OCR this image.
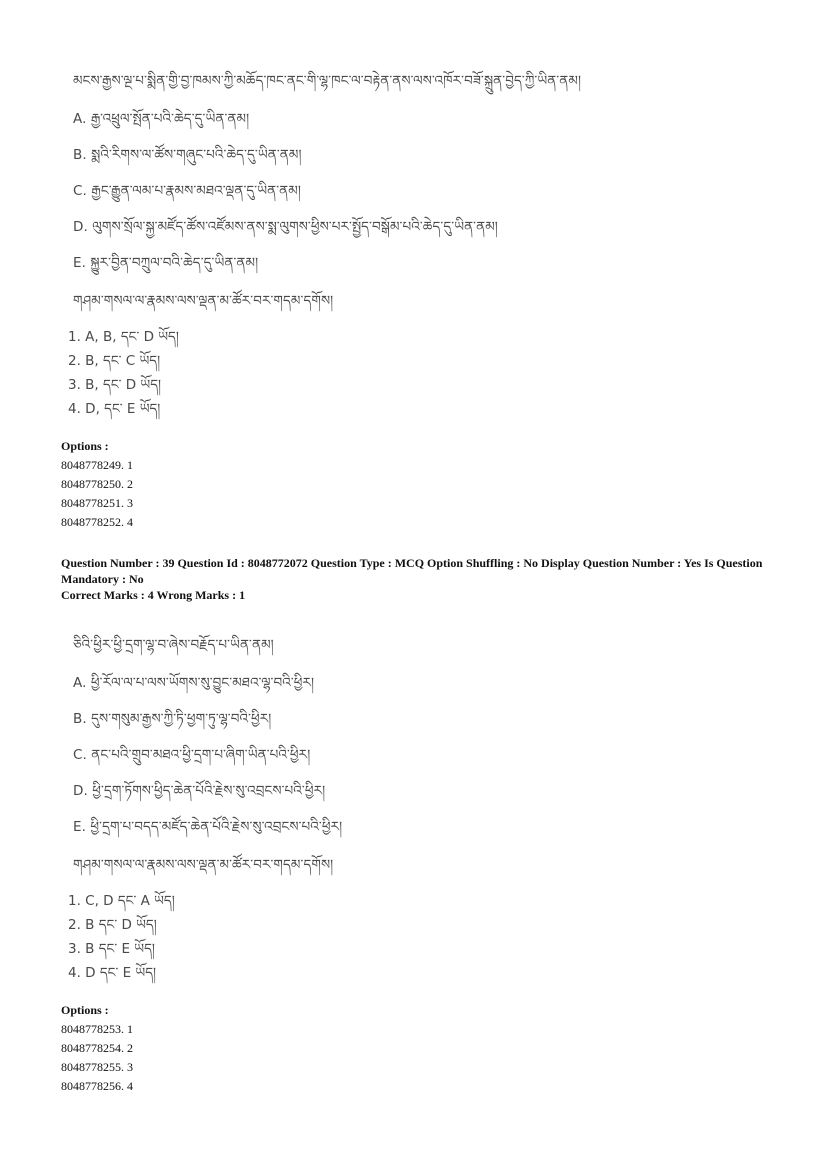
མངས་རྒྱས་ལྔ་པ་སྨིན་གྱི་བྱ་ཁམས་ཀྱི་མཆོད་ཁང་ནང་གི་ལྷ་ཁང་ལ་བརྟེན་ནས་ལས་འཁོར་བཟོ་སྐྲུན་བྱེད་ཀྱི་ཡིན་ནམ།
A. རྒྱ་འཕྲུལ་སྤོན་པའི་ཆེད་དུ་ཡིན་ནམ།
B. སྨའི་རིགས་ལ་ཚོས་གཞུང་པའི་ཆེད་དུ་ཡིན་ནམ།
C. རྒྱང་རྒྱུན་ལམ་པ་རྣམས་མཐའ་ལྡན་དུ་ཡིན་ནམ།
D. ལུགས་སྲོལ་སྐྱ་མཛོད་ཚོས་འཛོམས་ནས་སྨ་ལུགས་ཕྱིས་པར་སྤྱོད་བསྒོམ་པའི་ཆེད་དུ་ཡིན་ནམ།
E. སྐྱུར་བྱིན་བཀྲུལ་བའི་ཆེད་དུ་ཡིན་ནམ།
གཤམ་གསལ་ལ་རྣམས་ལས་ལྡན་མ་ཚོར་བར་གདམ་དགོས།
1. A, B, དང་ D ཡོད།
2. B, དང་ C ཡོད།
3. B, དང་ D ཡོད།
4. D, དང་ E ཡོད།
Options :
8048778249. 1
8048778250. 2
8048778251. 3
8048778252. 4
Question Number : 39 Question Id : 8048772072 Question Type : MCQ Option Shuffling : No Display Question Number : Yes Is Question Mandatory : No
Correct Marks : 4 Wrong Marks : 1
ཅིའི་ཕྱིར་ཕྱི་དྲག་ལྷ་བ་ཞེས་བརྗོད་པ་ཡིན་ནམ།
A. ཕྱི་རོལ་ལ་པ་ལས་ཡོགས་སུ་བྱུང་མཐའ་ལྷ་བའི་ཕྱིར།
B. དུས་གསུམ་རྒྱས་ཀྱི་ཏི་ཕྱག་ཏུ་ལྷ་བའི་ཕྱིར།
C. ནང་པའི་གྲུབ་མཐའ་ཕྱི་དྲག་པ་ཞིག་ཡིན་པའི་ཕྱིར།
D. ཕྱི་དྲག་ཏོགས་ཕྱིད་ཆེན་པོའི་རྗེས་སུ་འབྲངས་པའི་ཕྱིར།
E. ཕྱི་དྲག་པ་བདད་མཛོད་ཆེན་པོའི་རྗེས་སུ་འབྲངས་པའི་ཕྱིར།
གཤམ་གསལ་ལ་རྣམས་ལས་ལྡན་མ་ཚོར་བར་གདམ་དགོས།
1. C, D དང་ A ཡོད།
2. B དང་ D ཡོད།
3. B དང་ E ཡོད།
4. D དང་ E ཡོད།
Options :
8048778253. 1
8048778254. 2
8048778255. 3
8048778256. 4
